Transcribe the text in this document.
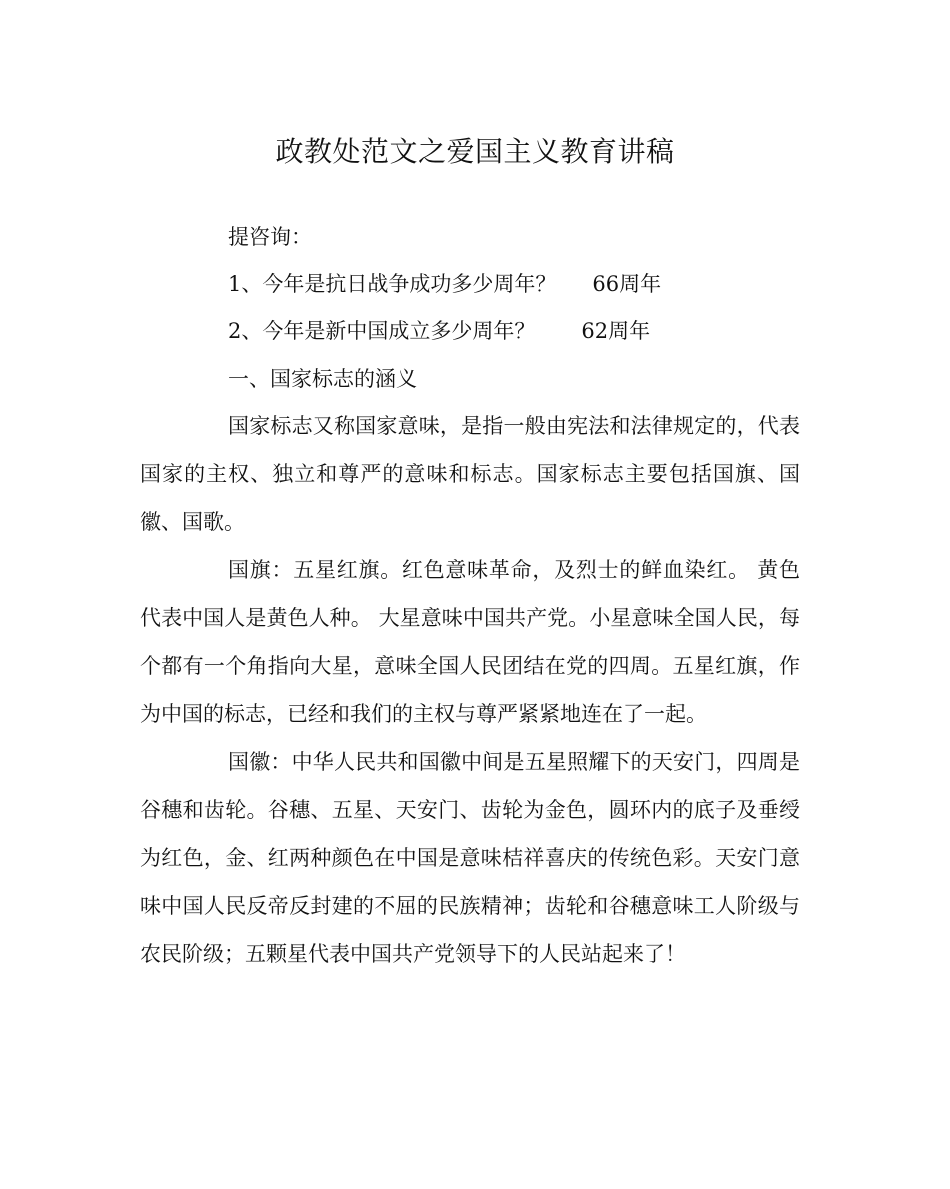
政教处范文之爱国主义教育讲稿
提咨询：
1、今年是抗日战争成功多少周年？ 66周年
2、今年是新中国成立多少周年？ 62周年
一、国家标志的涵义

国家标志又称国家意味，是指一般由宪法和法律规定的，代表国家的主权、独立和尊严的意味和标志。国家标志主要包括国旗、国徽、国歌。

国旗：五星红旗。红色意味革命，及烈士的鲜血染红。 黄色代表中国人是黄色人种。 大星意味中国共产党。小星意味全国人民，每个都有一个角指向大星，意味全国人民团结在党的四周。五星红旗，作为中国的标志，已经和我们的主权与尊严紧紧地连在了一起。

国徽：中华人民共和国徽中间是五星照耀下的天安门，四周是谷穗和齿轮。谷穗、五星、天安门、齿轮为金色，圆环内的底子及垂绶为红色，金、红两种颜色在中国是意味桔祥喜庆的传统色彩。天安门意味中国人民反帝反封建的不屈的民族精神；齿轮和谷穗意味工人阶级与农民阶级；五颗星代表中国共产党领导下的人民站起来了！
